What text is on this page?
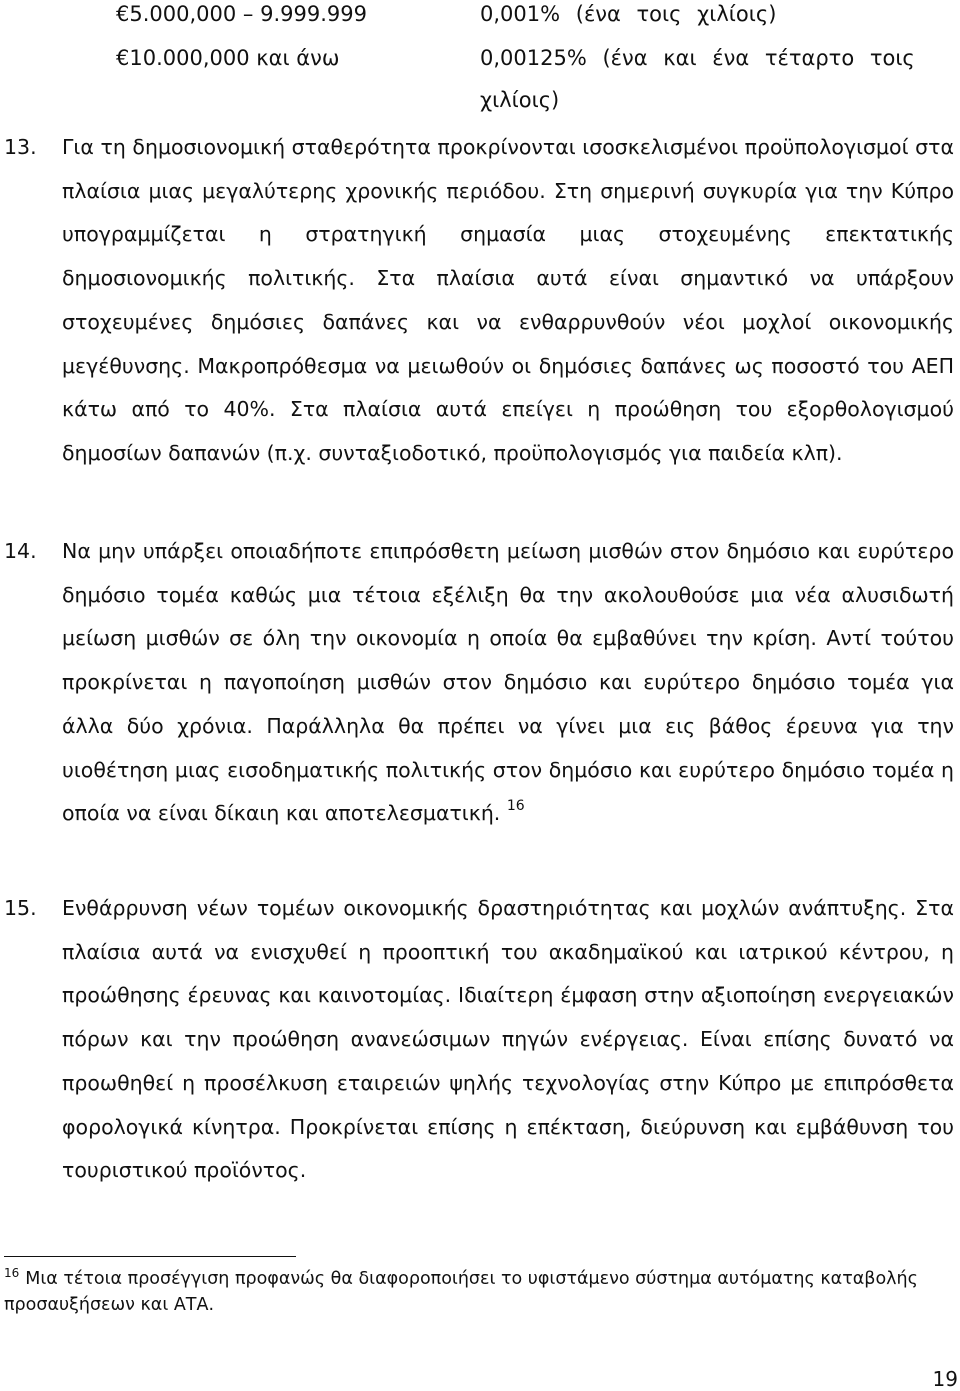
€5.000,000 – 9.999.999	0,001% (ένα τοις χιλίοις)
€10.000,000 και άνω	0,00125% (ένα και ένα τέταρτο τοις
χιλίοις)
13. Για τη δημοσιονομική σταθερότητα προκρίνονται ισοσκελισμένοι προϋπολογισμοί στα πλαίσια μιας μεγαλύτερης χρονικής περιόδου. Στη σημερινή συγκυρία για την Κύπρο υπογραμμίζεται η στρατηγική σημασία μιας στοχευμένης επεκτατικής δημοσιονομικής πολιτικής. Στα πλαίσια αυτά είναι σημαντικό να υπάρξουν στοχευμένες δημόσιες δαπάνες και να ενθαρρυνθούν νέοι μοχλοί οικονομικής μεγέθυνσης. Μακροπρόθεσμα να μειωθούν οι δημόσιες δαπάνες ως ποσοστό του ΑΕΠ κάτω από το 40%. Στα πλαίσια αυτά επείγει η προώθηση του εξορθολογισμού δημοσίων δαπανών (π.χ. συνταξιοδοτικό, προϋπολογισμός για παιδεία κλπ).
14. Να μην υπάρξει οποιαδήποτε επιπρόσθετη μείωση μισθών στον δημόσιο και ευρύτερο δημόσιο τομέα καθώς μια τέτοια εξέλιξη θα την ακολουθούσε μια νέα αλυσιδωτή μείωση μισθών σε όλη την οικονομία η οποία θα εμβαθύνει την κρίση. Αντί τούτου προκρίνεται η παγοποίηση μισθών στον δημόσιο και ευρύτερο δημόσιο τομέα για άλλα δύο χρόνια. Παράλληλα θα πρέπει να γίνει μια εις βάθος έρευνα για την υιοθέτηση μιας εισοδηματικής πολιτικής στον δημόσιο και ευρύτερο δημόσιο τομέα η οποία να είναι δίκαιη και αποτελεσματική. $^{16}$
15. Ενθάρρυνση νέων τομέων οικονομικής δραστηριότητας και μοχλών ανάπτυξης. Στα πλαίσια αυτά να ενισχυθεί η προοπτική του ακαδημαϊκού και ιατρικού κέντρου, η προώθησης έρευνας και καινοτομίας. Ιδιαίτερη έμφαση στην αξιοποίηση ενεργειακών πόρων και την προώθηση ανανεώσιμων πηγών ενέργειας. Είναι επίσης δυνατό να προωθηθεί η προσέλκυση εταιρειών ψηλής τεχνολογίας στην Κύπρο με επιπρόσθετα φορολογικά κίνητρα. Προκρίνεται επίσης η επέκταση, διεύρυνση και εμβάθυνση του τουριστικού προϊόντος.
$^{16}$ Μια τέτοια προσέγγιση προφανώς θα διαφοροποιήσει το υφιστάμενο σύστημα αυτόματης καταβολής προσαυξήσεων και ΑΤΑ.
19
